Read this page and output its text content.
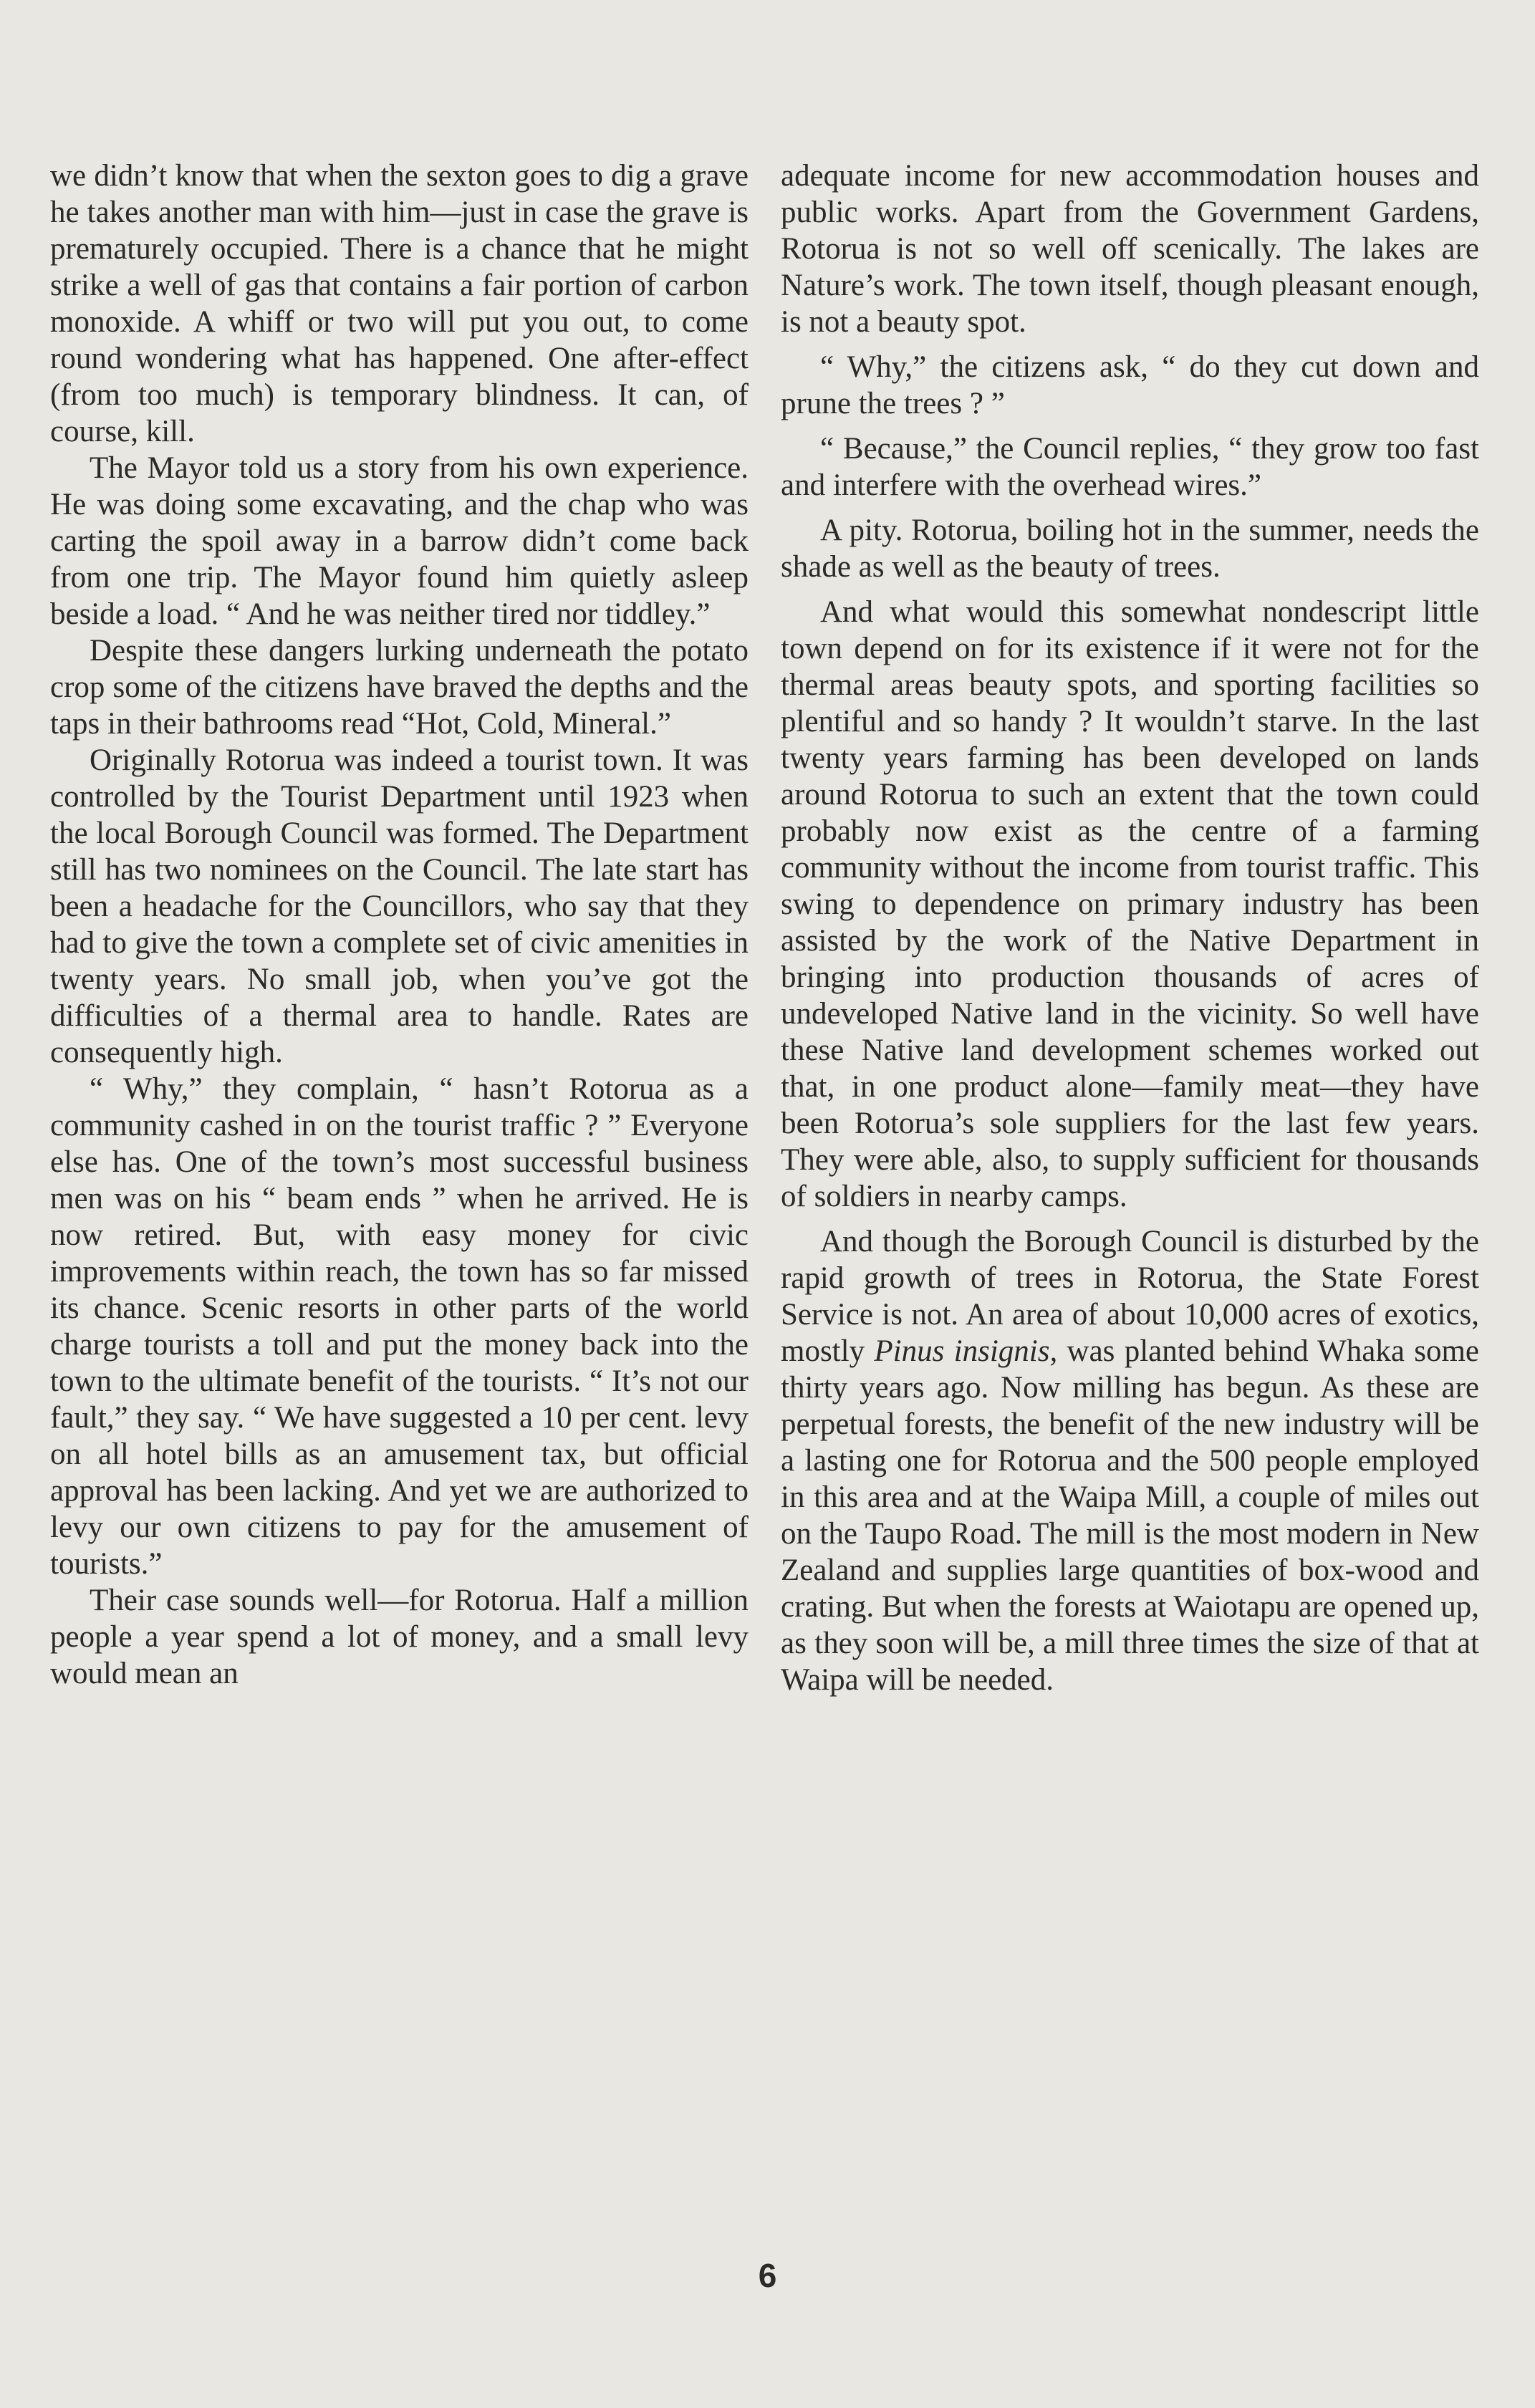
we didn’t know that when the sexton goes to dig a grave he takes another man with him—just in case the grave is prematurely occupied. There is a chance that he might strike a well of gas that contains a fair portion of carbon monoxide. A whiff or two will put you out, to come round wondering what has happened. One after-effect (from too much) is temporary blindness. It can, of course, kill.

The Mayor told us a story from his own experience. He was doing some excavating, and the chap who was carting the spoil away in a barrow didn’t come back from one trip. The Mayor found him quietly asleep beside a load. “ And he was neither tired nor tiddley.”

Despite these dangers lurking underneath the potato crop some of the citizens have braved the depths and the taps in their bathrooms read “Hot, Cold, Mineral.”

Originally Rotorua was indeed a tourist town. It was controlled by the Tourist Department until 1923 when the local Borough Council was formed. The Department still has two nominees on the Council. The late start has been a headache for the Councillors, who say that they had to give the town a complete set of civic amenities in twenty years. No small job, when you’ve got the difficulties of a thermal area to handle. Rates are consequently high.

“ Why,” they complain, “ hasn’t Rotorua as a community cashed in on the tourist traffic ? ” Everyone else has. One of the town’s most successful business men was on his “ beam ends ” when he arrived. He is now retired. But, with easy money for civic improvements within reach, the town has so far missed its chance. Scenic resorts in other parts of the world charge tourists a toll and put the money back into the town to the ultimate benefit of the tourists. “ It’s not our fault,” they say. “ We have suggested a 10 per cent. levy on all hotel bills as an amusement tax, but official approval has been lacking. And yet we are authorized to levy our own citizens to pay for the amusement of tourists.”

Their case sounds well—for Rotorua. Half a million people a year spend a lot of money, and a small levy would mean an

adequate income for new accommodation houses and public works. Apart from the Government Gardens, Rotorua is not so well off scenically. The lakes are Nature’s work. The town itself, though pleasant enough, is not a beauty spot.

“ Why,” the citizens ask, “ do they cut down and prune the trees ? ”

“ Because,” the Council replies, “ they grow too fast and interfere with the overhead wires.”

A pity. Rotorua, boiling hot in the summer, needs the shade as well as the beauty of trees.

And what would this somewhat nondescript little town depend on for its existence if it were not for the thermal areas beauty spots, and sporting facilities so plentiful and so handy ? It wouldn’t starve. In the last twenty years farming has been developed on lands around Rotorua to such an extent that the town could probably now exist as the centre of a farming community without the income from tourist traffic. This swing to dependence on primary industry has been assisted by the work of the Native Department in bringing into production thousands of acres of undeveloped Native land in the vicinity. So well have these Native land development schemes worked out that, in one product alone—family meat—they have been Rotorua’s sole suppliers for the last few years. They were able, also, to supply sufficient for thousands of soldiers in nearby camps.

And though the Borough Council is disturbed by the rapid growth of trees in Rotorua, the State Forest Service is not. An area of about 10,000 acres of exotics, mostly Pinus insignis, was planted behind Whaka some thirty years ago. Now milling has begun. As these are perpetual forests, the benefit of the new industry will be a lasting one for Rotorua and the 500 people employed in this area and at the Waipa Mill, a couple of miles out on the Taupo Road. The mill is the most modern in New Zealand and supplies large quantities of box-wood and crating. But when the forests at Waiotapu are opened up, as they soon will be, a mill three times the size of that at Waipa will be needed.

6
